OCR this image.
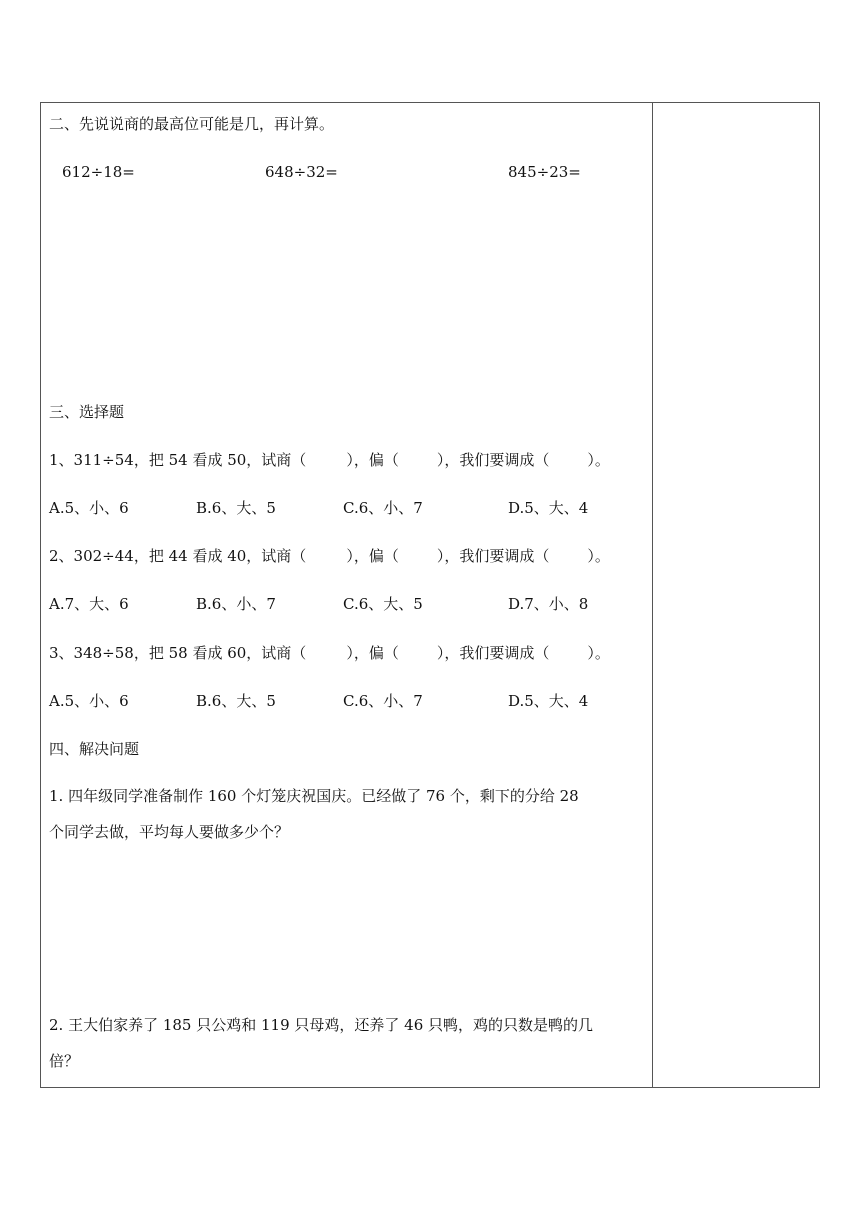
二、先说说商的最高位可能是几，再计算。
612÷18=	648÷32=	845÷23=
三、选择题
1、311÷54，把 54 看成 50，试商（	），偏（	），我们要调成（	）。
A.5、小、6	B.6、大、5	C.6、小、7	D.5、大、4
2、302÷44，把 44 看成 40，试商（	），偏（	），我们要调成（	）。
A.7、大、6	B.6、小、7	C.6、大、5	D.7、小、8
3、348÷58，把 58 看成 60，试商（	），偏（	），我们要调成（	）。
A.5、小、6	B.6、大、5	C.6、小、7	D.5、大、4
四、解决问题
1. 四年级同学准备制作 160 个灯笼庆祝国庆。已经做了 76 个，剩下的分给 28
个同学去做，平均每人要做多少个？
2. 王大伯家养了 185 只公鸡和 119 只母鸡，还养了 46 只鸭，鸡的只数是鸭的几
倍？
